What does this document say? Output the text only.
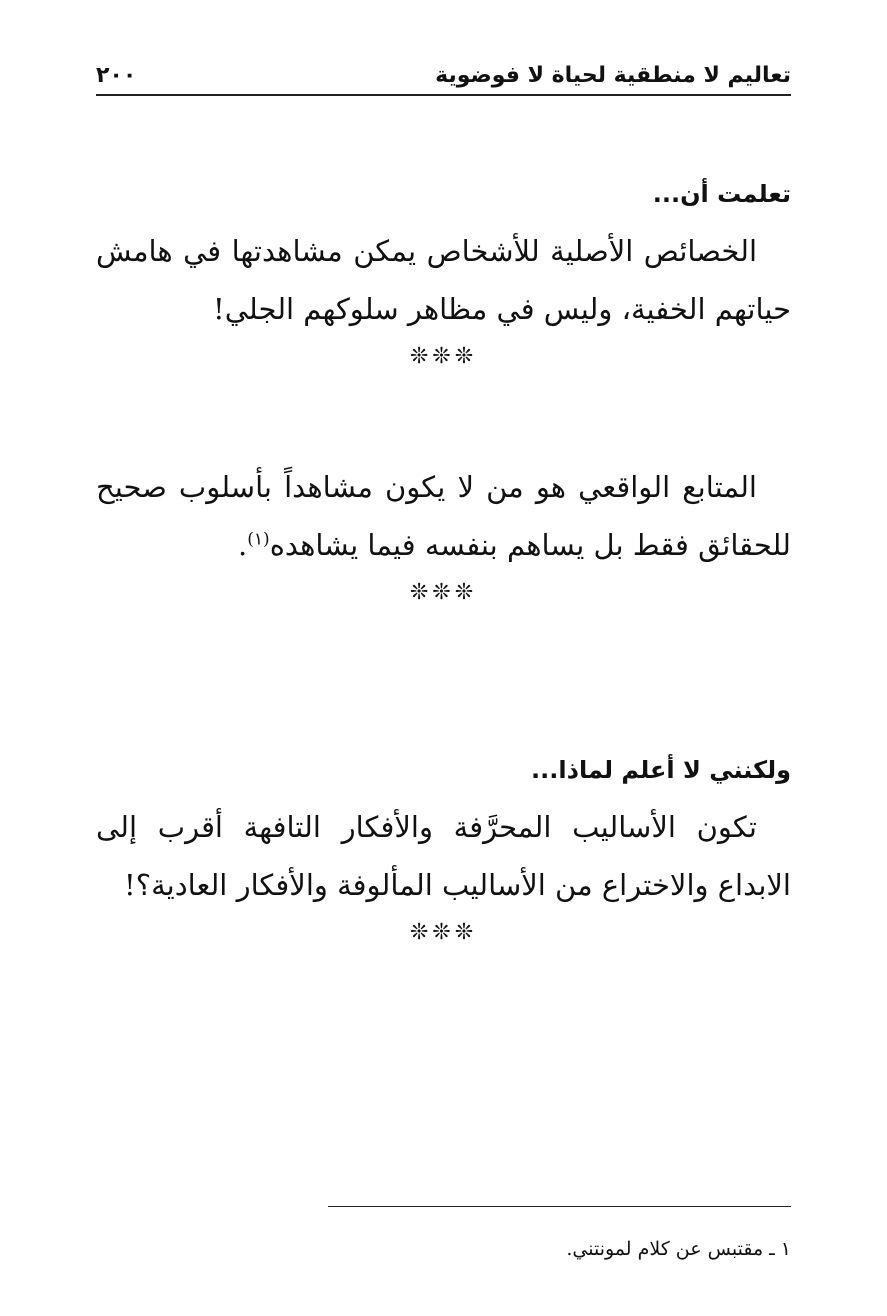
تعاليم لا منطقية لحياة لا فوضوية
٢٠٠
تعلمت أن...

الخصائص الأصلية للأشخاص يمكن مشاهدتها في هامش حياتهم الخفية، وليس في مظاهر سلوكهم الجلي!

❊❊❊

المتابع الواقعي هو من لا يكون مشاهداً بأسلوب صحيح للحقائق فقط بل يساهم بنفسه فيما يشاهده$^{(١)}$.

❊❊❊
ولكنني لا أعلم لماذا...

تكون الأساليب المحرَّفة والأفكار التافهة أقرب إلى الابداع والاختراع من الأساليب المألوفة والأفكار العادية؟!

❊❊❊
١ ـ مقتبس عن كلام لمونتني.
